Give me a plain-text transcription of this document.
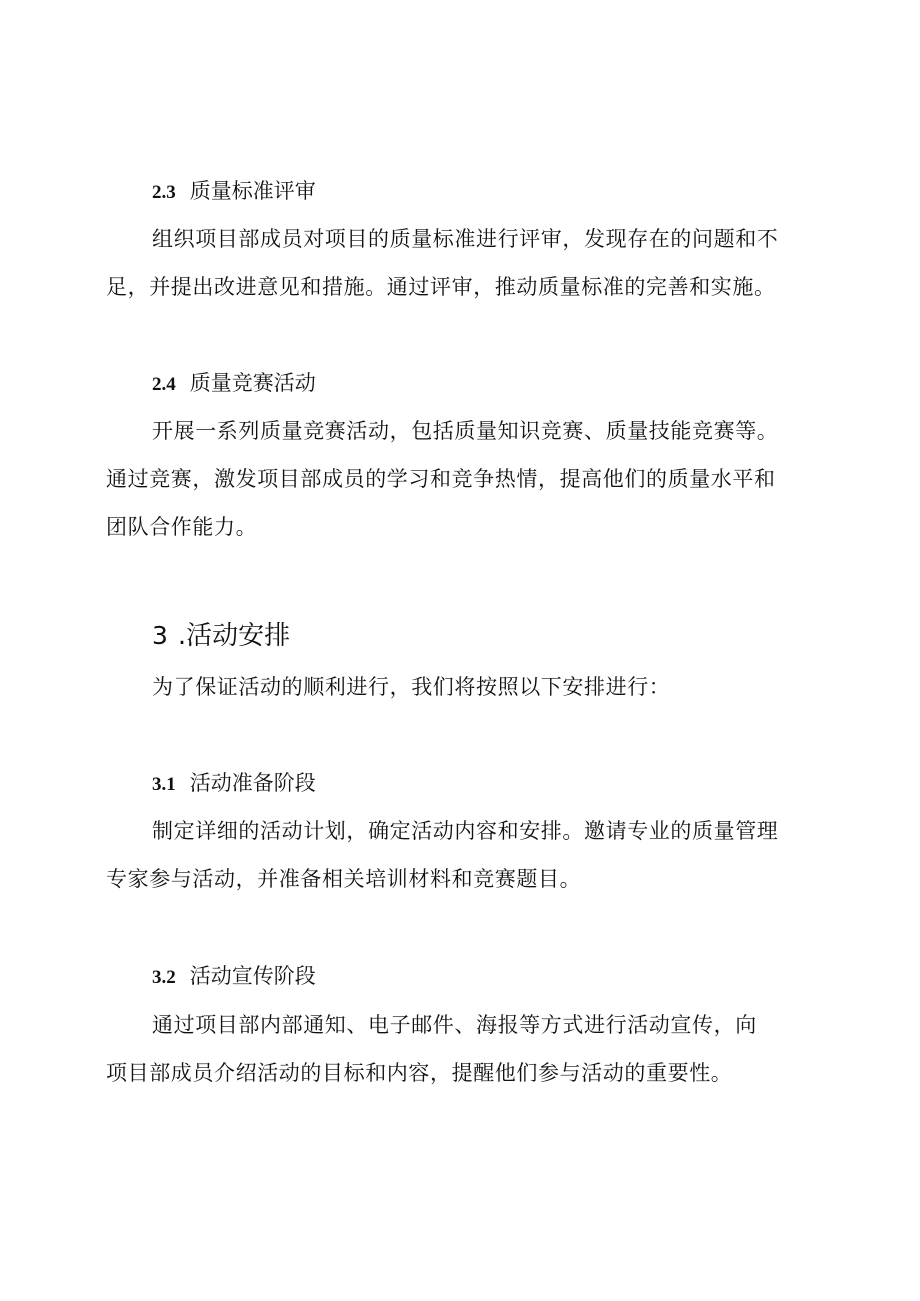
2.3 质量标准评审
组织项目部成员对项目的质量标准进行评审，发现存在的问题和不
足，并提出改进意见和措施。通过评审，推动质量标准的完善和实施。
2.4 质量竞赛活动
开展一系列质量竞赛活动，包括质量知识竞赛、质量技能竞赛等。
通过竞赛，激发项目部成员的学习和竞争热情，提高他们的质量水平和
团队合作能力。
3 .活动安排
为了保证活动的顺利进行，我们将按照以下安排进行：
3.1 活动准备阶段
制定详细的活动计划，确定活动内容和安排。邀请专业的质量管理
专家参与活动，并准备相关培训材料和竞赛题目。
3.2 活动宣传阶段
通过项目部内部通知、电子邮件、海报等方式进行活动宣传，向
项目部成员介绍活动的目标和内容，提醒他们参与活动的重要性。
